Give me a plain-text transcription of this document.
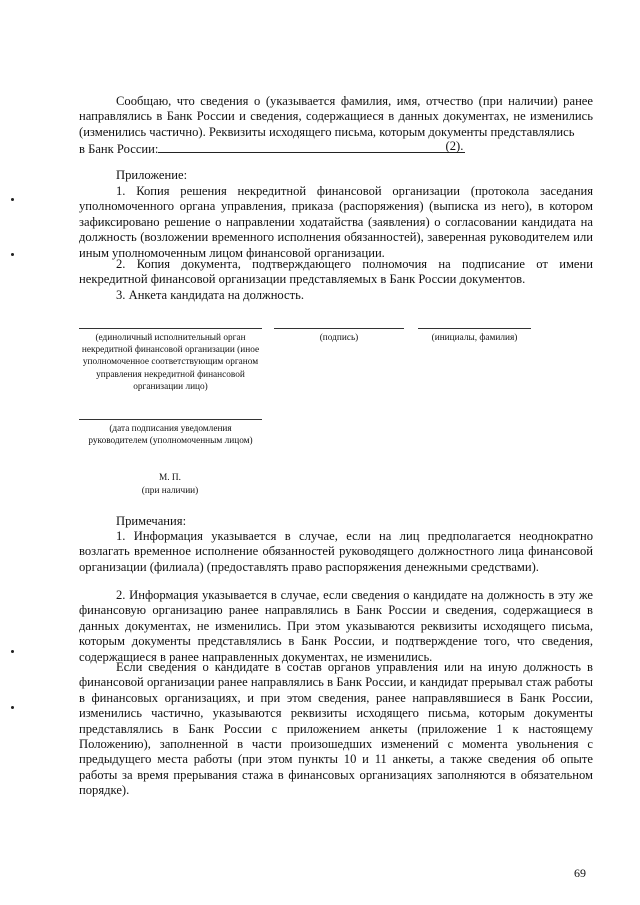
Сообщаю, что сведения о (указывается фамилия, имя, отчество (при наличии) ранее направлялись в Банк России и сведения, содержащиеся в данных документах, не изменились (изменились частично). Реквизиты исходящего письма, которым документы представлялись

в Банк России:	(2).

Приложение:

1. Копия решения некредитной финансовой организации (протокола заседания уполномоченного органа управления, приказа (распоряжения) (выписка из него), в котором зафиксировано решение о направлении ходатайства (заявления) о согласовании кандидата на должность (возложении временного исполнения обязанностей), заверенная руководителем или иным уполномоченным лицом финансовой организации.

2. Копия документа, подтверждающего полномочия на подписание от имени некредитной финансовой организации представляемых в Банк России документов.

3. Анкета кандидата на должность.

(единоличный исполнительный орган некредитной финансовой организации (иное уполномоченное соответствующим органом управления некредитной финансовой организации лицо)
(подпись)	(инициалы, фамилия)
(дата подписания уведомления руководителем (уполномоченным лицом)
М. П.
(при наличии)

Примечания:

1. Информация указывается в случае, если на лиц предполагается неоднократно возлагать временное исполнение обязанностей руководящего должностного лица финансовой организации (филиала) (предоставлять право распоряжения денежными средствами).

2. Информация указывается в случае, если сведения о кандидате на должность в эту же финансовую организацию ранее направлялись в Банк России и сведения, содержащиеся в данных документах, не изменились. При этом указываются реквизиты исходящего письма, которым документы представлялись в Банк России, и подтверждение того, что сведения, содержащиеся в ранее направленных документах, не изменились.

Если сведения о кандидате в состав органов управления или на иную должность в финансовой организации ранее направлялись в Банк России, и кандидат прерывал стаж работы в финансовых организациях, и при этом сведения, ранее направлявшиеся в Банк России, изменились частично, указываются реквизиты исходящего письма, которым документы представлялись в Банк России с приложением анкеты (приложение 1 к настоящему Положению), заполненной в части произошедших изменений с момента увольнения с предыдущего места работы (при этом пункты 10 и 11 анкеты, а также сведения об опыте работы за время прерывания стажа в финансовых организациях заполняются в обязательном порядке).

69
